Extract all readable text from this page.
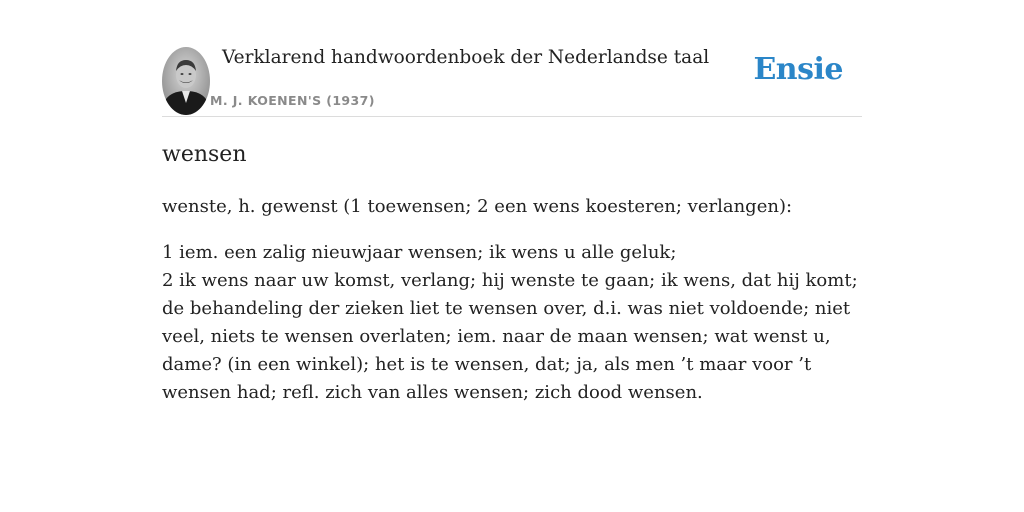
Verklarend handwoordenboek der Nederlandse taal
M. J. KOENEN'S (1937)
Ensie
wensen

wenste, h. gewenst (1 toewensen; 2 een wens koesteren; verlangen):

1 iem. een zalig nieuwjaar wensen; ik wens u alle geluk;
2 ik wens naar uw komst, verlang; hij wenste te gaan; ik wens, dat hij komt; de behandeling der zieken liet te wensen over, d.i. was niet voldoende; niet veel, niets te wensen overlaten; iem. naar de maan wensen; wat wenst u, dame? (in een winkel); het is te wensen, dat; ja, als men ’t maar voor ’t wensen had; refl. zich van alles wensen; zich dood wensen.
